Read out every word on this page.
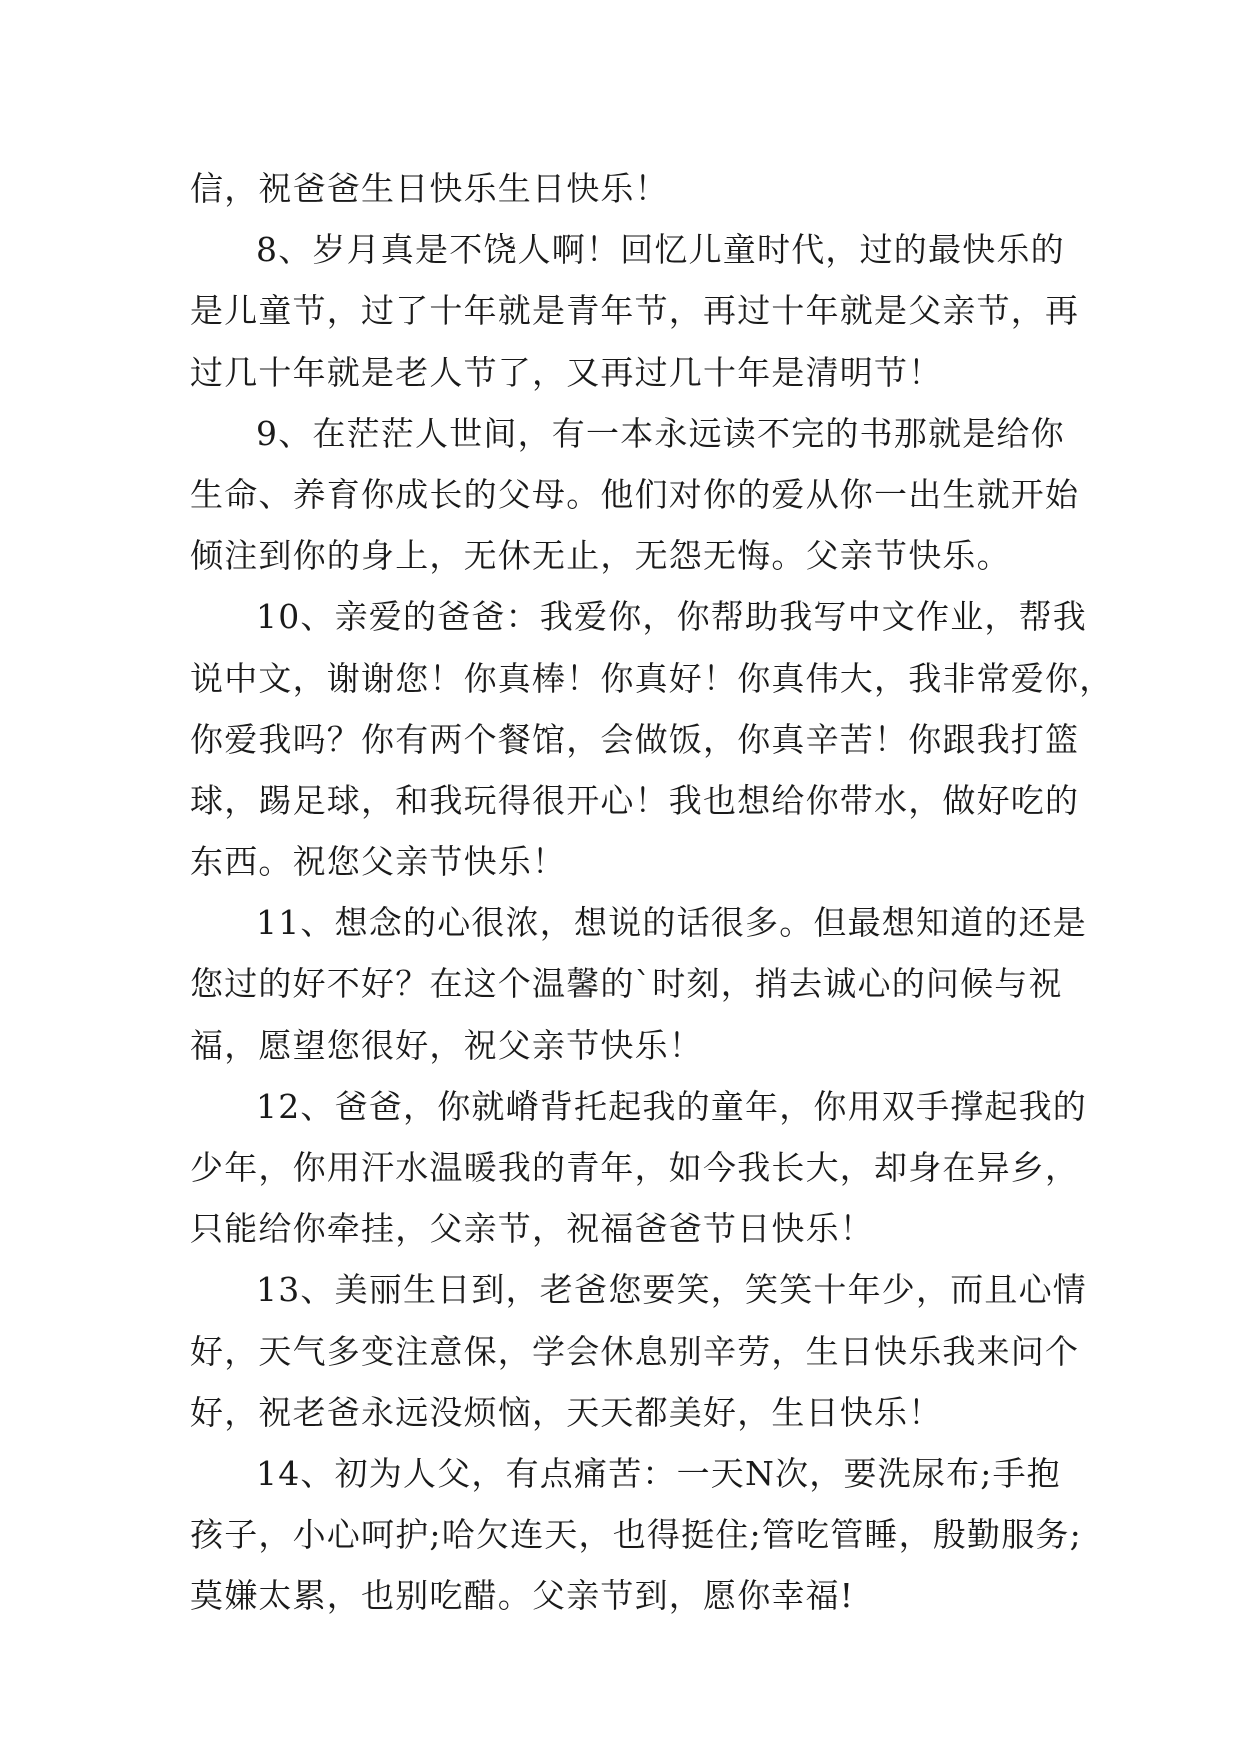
信，祝爸爸生日快乐生日快乐！
8、岁月真是不饶人啊！回忆儿童时代，过的最快乐的
是儿童节，过了十年就是青年节，再过十年就是父亲节，再
过几十年就是老人节了，又再过几十年是清明节！
9、在茫茫人世间，有一本永远读不完的书那就是给你
生命、养育你成长的父母。他们对你的爱从你一出生就开始
倾注到你的身上，无休无止，无怨无悔。父亲节快乐。
10、亲爱的爸爸：我爱你，你帮助我写中文作业，帮我
说中文，谢谢您！你真棒！你真好！你真伟大，我非常爱你，
你爱我吗？你有两个餐馆，会做饭，你真辛苦！你跟我打篮
球，踢足球，和我玩得很开心！我也想给你带水，做好吃的
东西。祝您父亲节快乐！
11、想念的心很浓，想说的话很多。但最想知道的还是
您过的好不好？在这个温馨的`时刻，捎去诚心的问候与祝
福，愿望您很好，祝父亲节快乐！
12、爸爸，你就嵴背托起我的童年，你用双手撑起我的
少年，你用汗水温暖我的青年，如今我长大，却身在异乡，
只能给你牵挂，父亲节，祝福爸爸节日快乐！
13、美丽生日到，老爸您要笑，笑笑十年少，而且心情
好，天气多变注意保，学会休息别辛劳，生日快乐我来问个
好，祝老爸永远没烦恼，天天都美好，生日快乐！
14、初为人父，有点痛苦：一天N次，要洗尿布;手抱
孩子，小心呵护;哈欠连天，也得挺住;管吃管睡，殷勤服务;
莫嫌太累，也别吃醋。父亲节到，愿你幸福!
